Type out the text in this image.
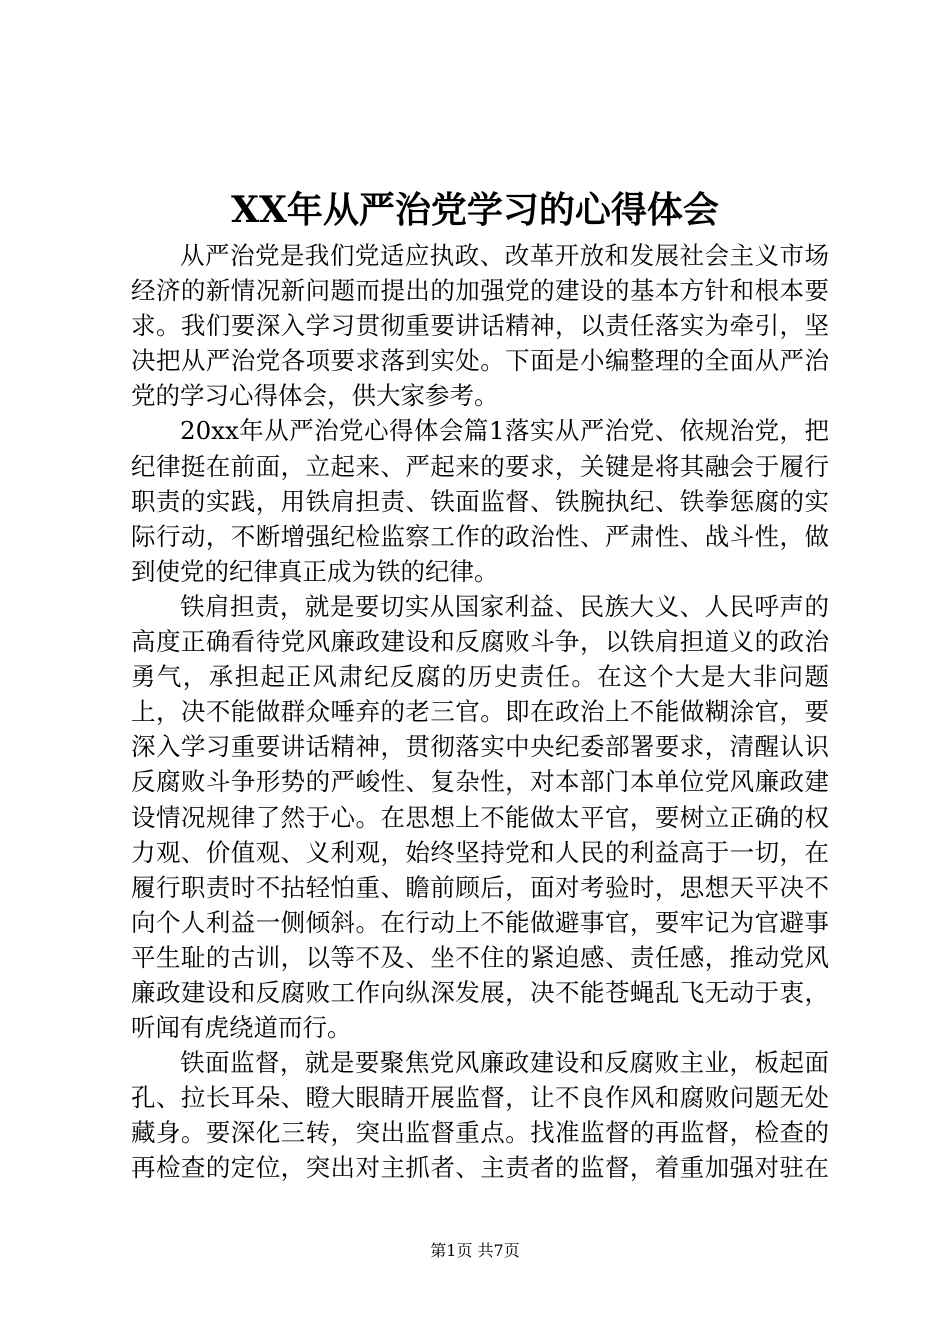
XX年从严治党学习的心得体会

从严治党是我们党适应执政、改革开放和发展社会主义市场经济的新情况新问题而提出的加强党的建设的基本方针和根本要求。我们要深入学习贯彻重要讲话精神，以责任落实为牵引，坚决把从严治党各项要求落到实处。下面是小编整理的全面从严治党的学习心得体会，供大家参考。

20xx年从严治党心得体会篇1落实从严治党、依规治党，把纪律挺在前面，立起来、严起来的要求，关键是将其融会于履行职责的实践，用铁肩担责、铁面监督、铁腕执纪、铁拳惩腐的实际行动，不断增强纪检监察工作的政治性、严肃性、战斗性，做到使党的纪律真正成为铁的纪律。

铁肩担责，就是要切实从国家利益、民族大义、人民呼声的高度正确看待党风廉政建设和反腐败斗争，以铁肩担道义的政治勇气，承担起正风肃纪反腐的历史责任。在这个大是大非问题上，决不能做群众唾弃的老三官。即在政治上不能做糊涂官，要深入学习重要讲话精神，贯彻落实中央纪委部署要求，清醒认识反腐败斗争形势的严峻性、复杂性，对本部门本单位党风廉政建设情况规律了然于心。在思想上不能做太平官，要树立正确的权力观、价值观、义利观，始终坚持党和人民的利益高于一切，在履行职责时不拈轻怕重、瞻前顾后，面对考验时，思想天平决不向个人利益一侧倾斜。在行动上不能做避事官，要牢记为官避事平生耻的古训，以等不及、坐不住的紧迫感、责任感，推动党风廉政建设和反腐败工作向纵深发展，决不能苍蝇乱飞无动于衷，听闻有虎绕道而行。

铁面监督，就是要聚焦党风廉政建设和反腐败主业，板起面孔、拉长耳朵、瞪大眼睛开展监督，让不良作风和腐败问题无处藏身。要深化三转，突出监督重点。找准监督的再监督，检查的再检查的定位，突出对主抓者、主责者的监督，着重加强对驻在

第1页 共7页
